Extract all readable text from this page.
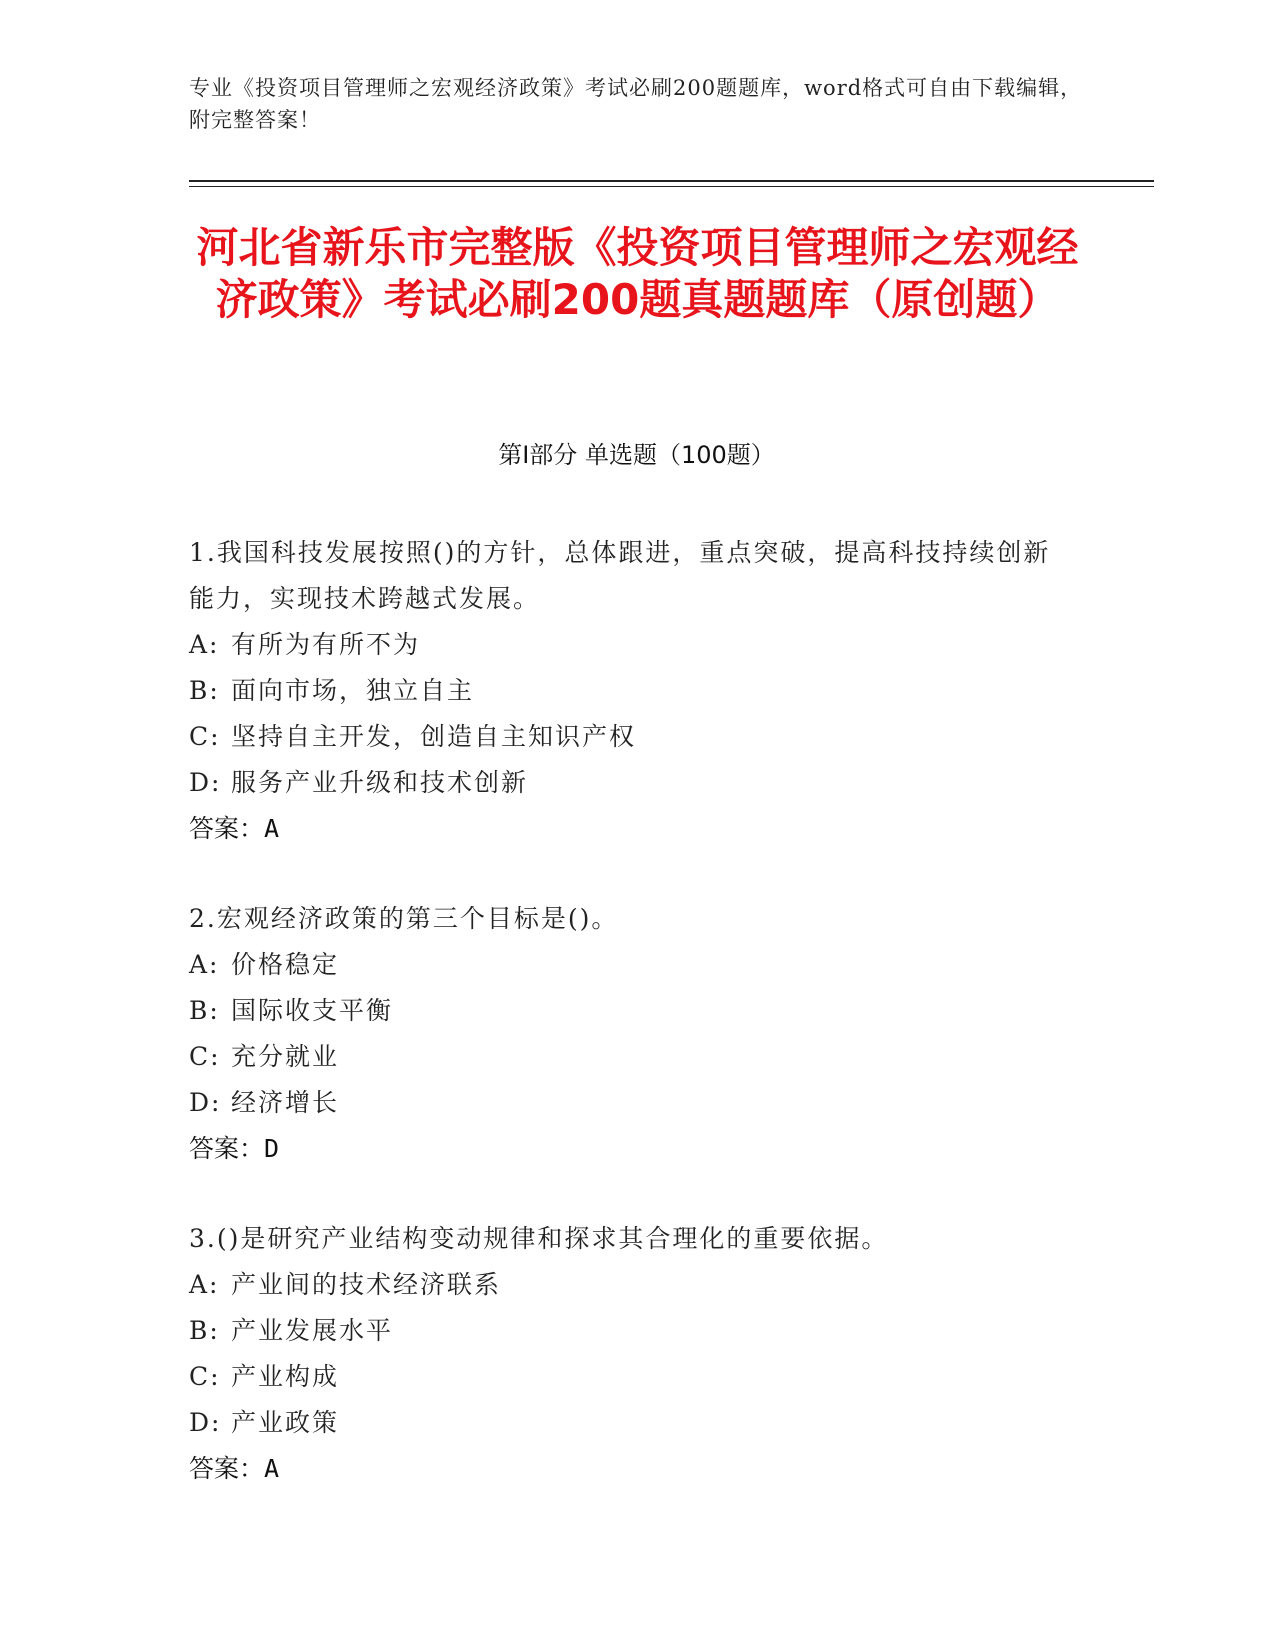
专业《投资项目管理师之宏观经济政策》考试必刷200题题库，word格式可自由下载编辑，附完整答案！
河北省新乐市完整版《投资项目管理师之宏观经济政策》考试必刷200题真题题库（原创题）
第I部分 单选题（100题）
1.我国科技发展按照()的方针，总体跟进，重点突破，提高科技持续创新能力，实现技术跨越式发展。
A: 有所为有所不为
B: 面向市场，独立自主
C: 坚持自主开发，创造自主知识产权
D: 服务产业升级和技术创新
答案：A
2.宏观经济政策的第三个目标是()。
A: 价格稳定
B: 国际收支平衡
C: 充分就业
D: 经济增长
答案：D
3.()是研究产业结构变动规律和探求其合理化的重要依据。
A: 产业间的技术经济联系
B: 产业发展水平
C: 产业构成
D: 产业政策
答案：A
